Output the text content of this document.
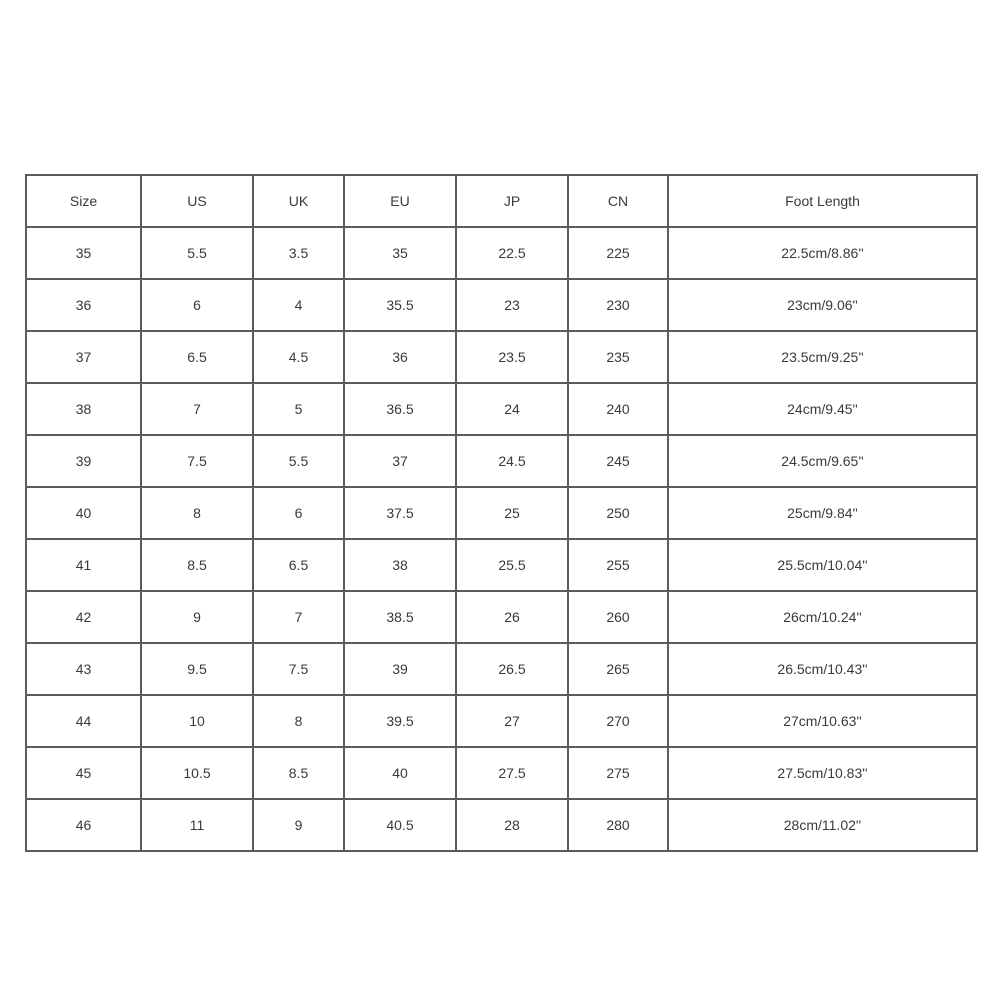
Size	US	UK	EU	JP	CN	Foot Length
35	5.5	3.5	35	22.5	225	22.5cm/8.86''
36	6	4	35.5	23	230	23cm/9.06''
37	6.5	4.5	36	23.5	235	23.5cm/9.25''
38	7	5	36.5	24	240	24cm/9.45''
39	7.5	5.5	37	24.5	245	24.5cm/9.65''
40	8	6	37.5	25	250	25cm/9.84''
41	8.5	6.5	38	25.5	255	25.5cm/10.04''
42	9	7	38.5	26	260	26cm/10.24''
43	9.5	7.5	39	26.5	265	26.5cm/10.43''
44	10	8	39.5	27	270	27cm/10.63''
45	10.5	8.5	40	27.5	275	27.5cm/10.83''
46	11	9	40.5	28	280	28cm/11.02''
